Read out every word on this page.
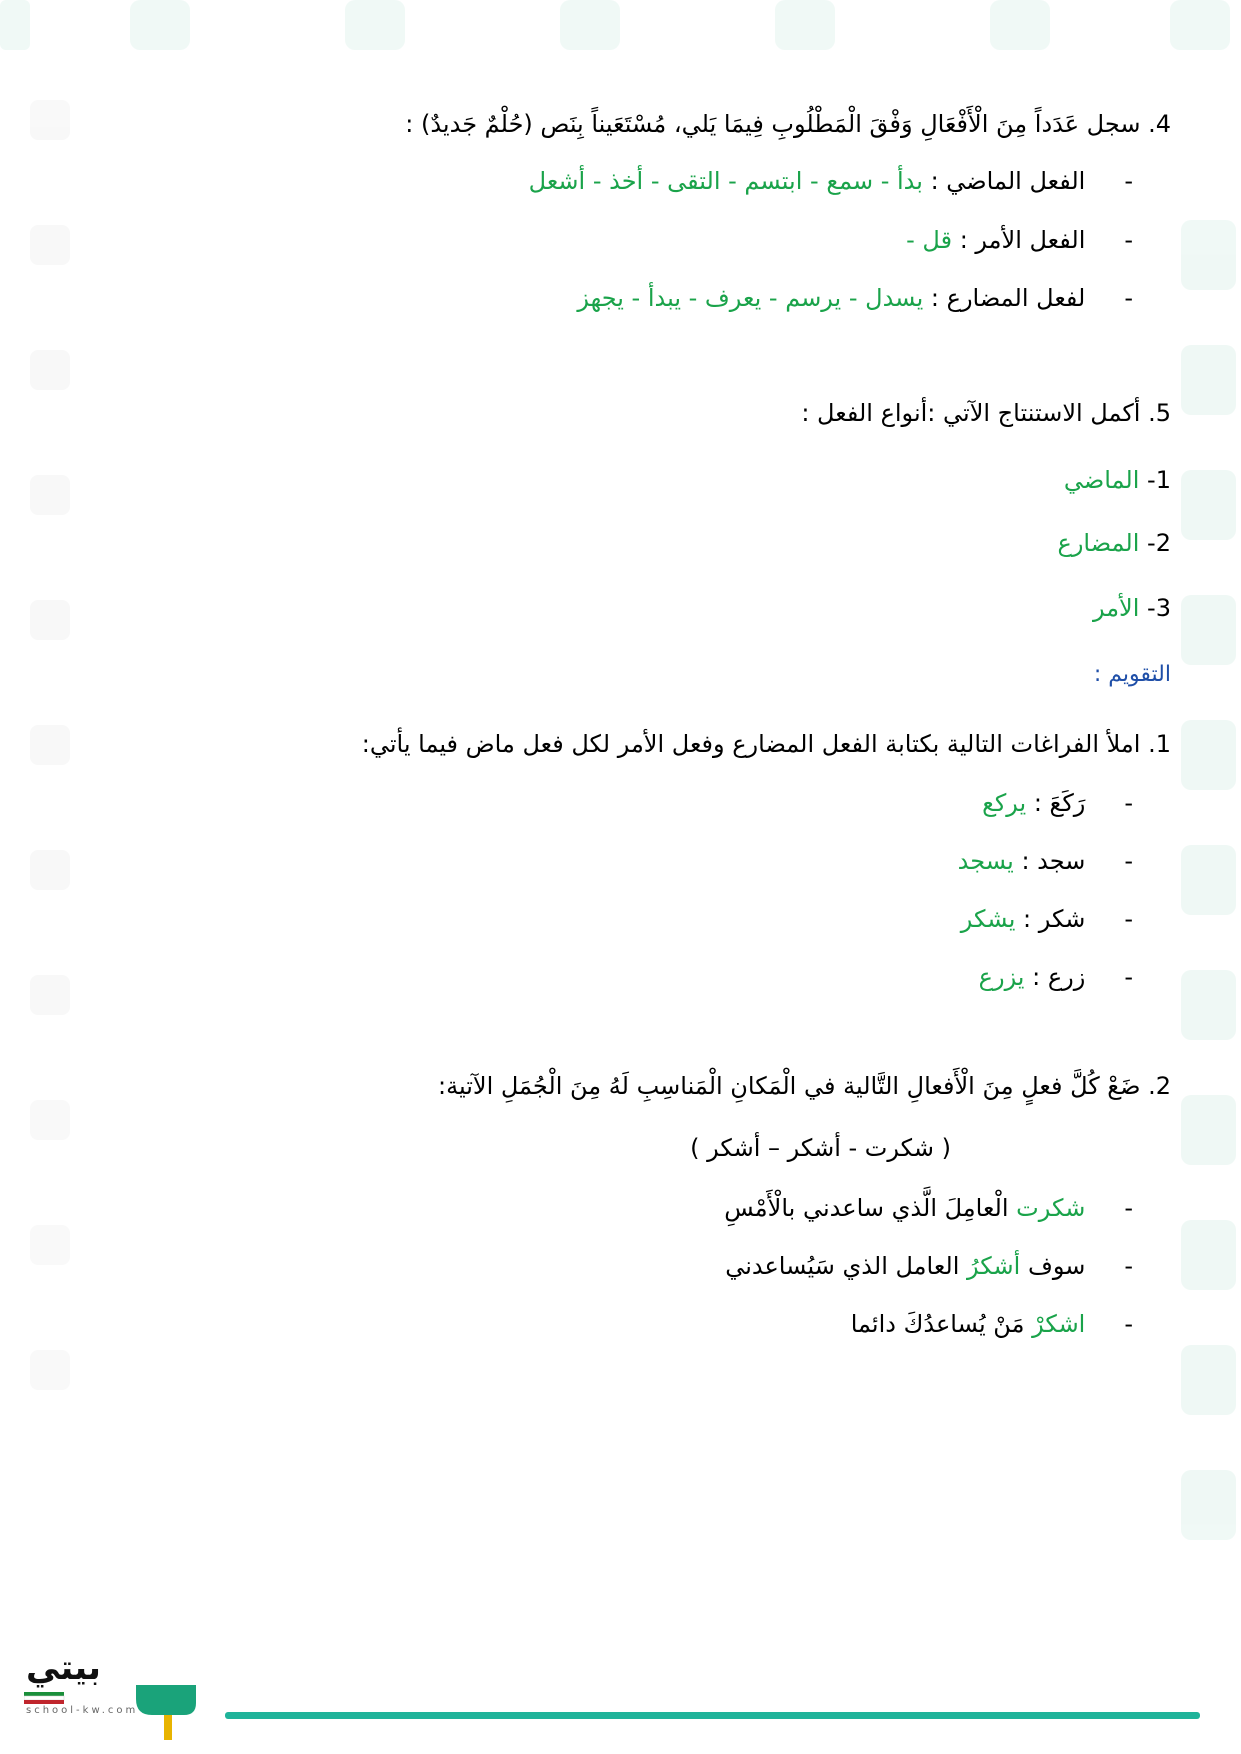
4. سجل عَدَداً مِنَ الْأَفْعَالِ وَفْقَ الْمَطْلُوبِ فِيمَا يَلي، مُسْتَعَيناً بِنَص (حُلْمٌ جَديدٌ) :
- الفعل الماضي : بدأ - سمع - ابتسم - التقى - أخذ - أشعل
- الفعل الأمر : قل -
- لفعل المضارع : يسدل - يرسم - يعرف - يبدأ - يجهز
5. أكمل الاستنتاج الآتي :أنواع الفعل :
1- الماضي
2- المضارع
3- الأمر
التقويم :
1. املأ الفراغات التالية بكتابة الفعل المضارع وفعل الأمر لكل فعل ماض فيما يأتي:
- رَكَعَ : يركع
- سجد : يسجد
- شكر : يشكر
- زرع : يزرع
2. ضَعْ كُلَّ فعلٍ مِنَ الْأَفعالِ التَّالية في الْمَكانِ الْمَناسِبِ لَهُ مِنَ الْجُمَلِ الآتية:
( شكرت - أشكر – أشكر )
- شكرت الْعامِلَ الَّذي ساعدني بالْأَمْسِ
- سوف أشكرُ العامل الذي سَيُساعدني
- اشكرْ مَنْ يُساعدُكَ دائما
بيتي
school-kw.com
